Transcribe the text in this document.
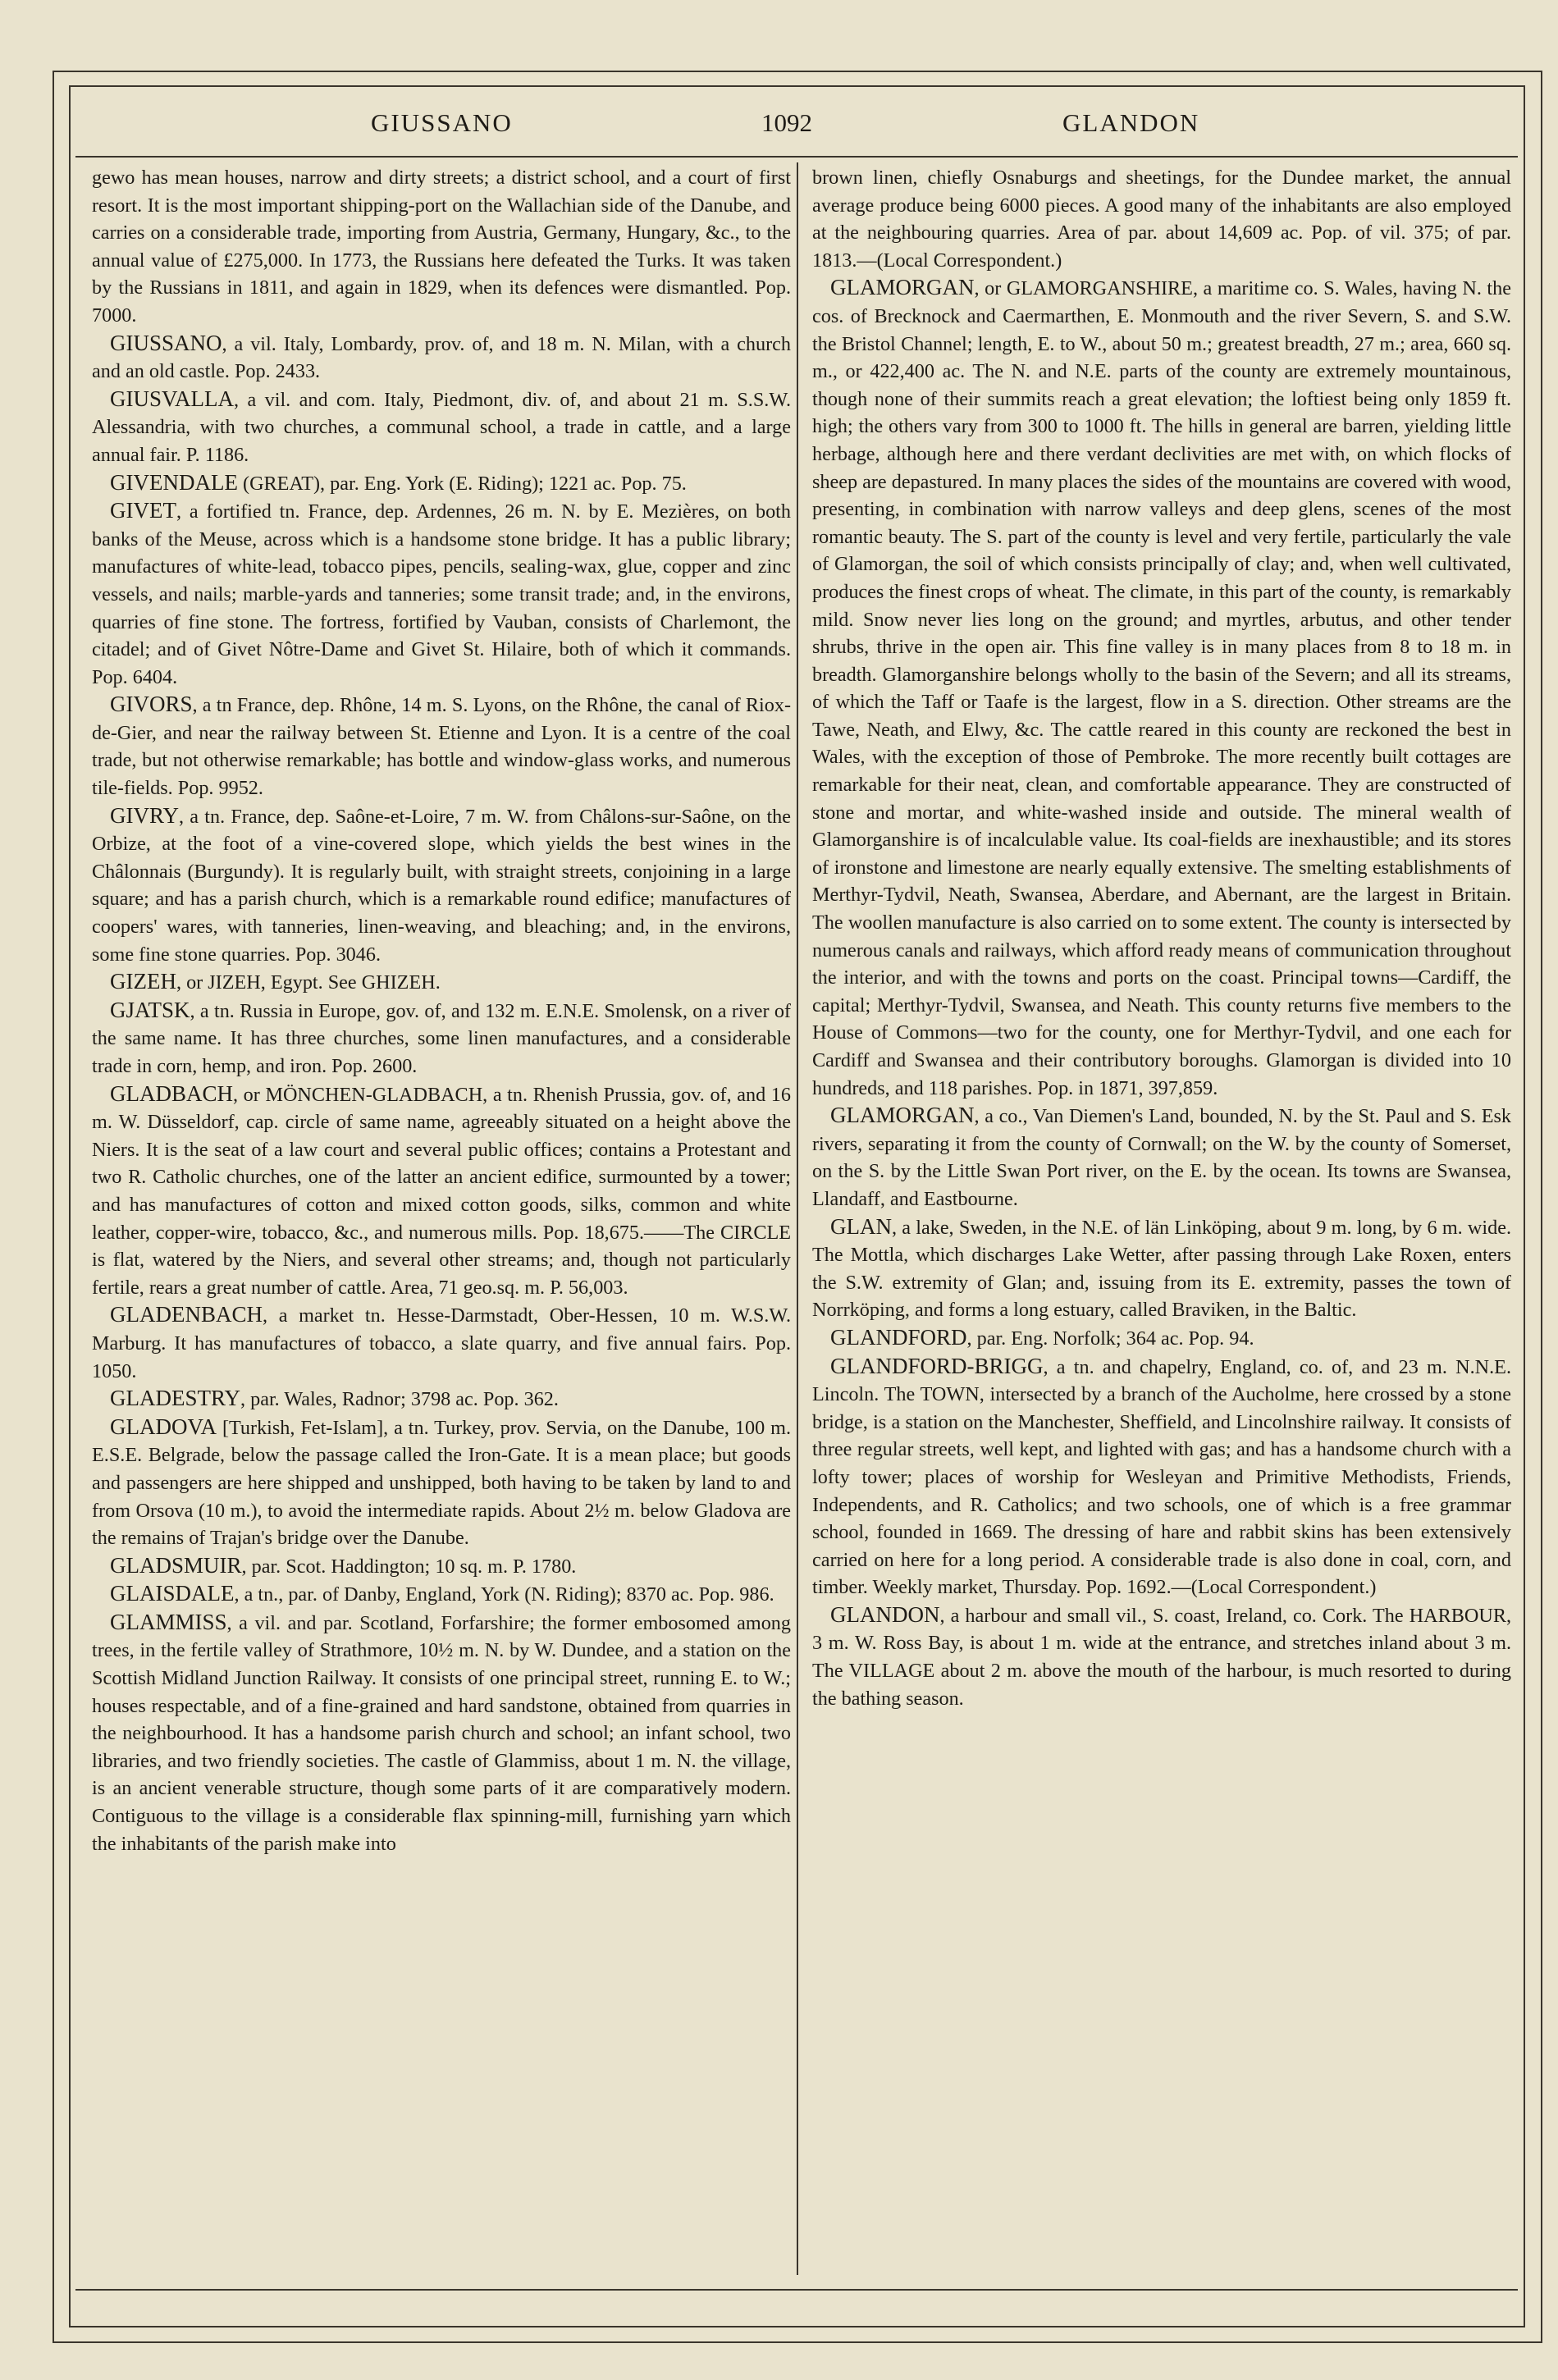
GIUSSANO	1092	GLANDON

gewo has mean houses, narrow and dirty streets; a district school, and a court of first resort. It is the most important shipping-port on the Wallachian side of the Danube, and carries on a considerable trade, importing from Austria, Germany, Hungary, &c., to the annual value of £275,000. In 1773, the Russians here defeated the Turks. It was taken by the Russians in 1811, and again in 1829, when its defences were dismantled. Pop. 7000.

GIUSSANO, a vil. Italy, Lombardy, prov. of, and 18 m. N. Milan, with a church and an old castle. Pop. 2433.

GIUSVALLA, a vil. and com. Italy, Piedmont, div. of, and about 21 m. S.S.W. Alessandria, with two churches, a communal school, a trade in cattle, and a large annual fair. P. 1186.

GIVENDALE (GREAT), par. Eng. York (E. Riding); 1221 ac. Pop. 75.

GIVET, a fortified tn. France, dep. Ardennes, 26 m. N. by E. Mezières, on both banks of the Meuse, across which is a handsome stone bridge. It has a public library; manufactures of white-lead, tobacco pipes, pencils, sealing-wax, glue, copper and zinc vessels, and nails; marble-yards and tanneries; some transit trade; and, in the environs, quarries of fine stone. The fortress, fortified by Vauban, consists of Charlemont, the citadel; and of Givet Nôtre-Dame and Givet St. Hilaire, both of which it commands. Pop. 6404.

GIVORS, a tn France, dep. Rhône, 14 m. S. Lyons, on the Rhône, the canal of Riox-de-Gier, and near the railway between St. Etienne and Lyon. It is a centre of the coal trade, but not otherwise remarkable; has bottle and window-glass works, and numerous tile-fields. Pop. 9952.

GIVRY, a tn. France, dep. Saône-et-Loire, 7 m. W. from Châlons-sur-Saône, on the Orbize, at the foot of a vine-covered slope, which yields the best wines in the Châlonnais (Burgundy). It is regularly built, with straight streets, conjoining in a large square; and has a parish church, which is a remarkable round edifice; manufactures of coopers' wares, with tanneries, linen-weaving, and bleaching; and, in the environs, some fine stone quarries. Pop. 3046.

GIZEH, or JIZEH, Egypt. See GHIZEH.

GJATSK, a tn. Russia in Europe, gov. of, and 132 m. E.N.E. Smolensk, on a river of the same name. It has three churches, some linen manufactures, and a considerable trade in corn, hemp, and iron. Pop. 2600.

GLADBACH, or MÖNCHEN-GLADBACH, a tn. Rhenish Prussia, gov. of, and 16 m. W. Düsseldorf, cap. circle of same name, agreeably situated on a height above the Niers. It is the seat of a law court and several public offices; contains a Protestant and two R. Catholic churches, one of the latter an ancient edifice, surmounted by a tower; and has manufactures of cotton and mixed cotton goods, silks, common and white leather, copper-wire, tobacco, &c., and numerous mills. Pop. 18,675.——The CIRCLE is flat, watered by the Niers, and several other streams; and, though not particularly fertile, rears a great number of cattle. Area, 71 geo.sq. m. P. 56,003.

GLADENBACH, a market tn. Hesse-Darmstadt, Ober-Hessen, 10 m. W.S.W. Marburg. It has manufactures of tobacco, a slate quarry, and five annual fairs. Pop. 1050.

GLADESTRY, par. Wales, Radnor; 3798 ac. Pop. 362.

GLADOVA [Turkish, Fet-Islam], a tn. Turkey, prov. Servia, on the Danube, 100 m. E.S.E. Belgrade, below the passage called the Iron-Gate. It is a mean place; but goods and passengers are here shipped and unshipped, both having to be taken by land to and from Orsova (10 m.), to avoid the intermediate rapids. About 2½ m. below Gladova are the remains of Trajan's bridge over the Danube.

GLADSMUIR, par. Scot. Haddington; 10 sq. m. P. 1780.

GLAISDALE, a tn., par. of Danby, England, York (N. Riding); 8370 ac. Pop. 986.

GLAMMISS, a vil. and par. Scotland, Forfarshire; the former embosomed among trees, in the fertile valley of Strathmore, 10½ m. N. by W. Dundee, and a station on the Scottish Midland Junction Railway. It consists of one principal street, running E. to W.; houses respectable, and of a fine-grained and hard sandstone, obtained from quarries in the neighbourhood. It has a handsome parish church and school; an infant school, two libraries, and two friendly societies. The castle of Glammiss, about 1 m. N. the village, is an ancient venerable structure, though some parts of it are comparatively modern. Contiguous to the village is a considerable flax spinning-mill, furnishing yarn which the inhabitants of the parish make into

brown linen, chiefly Osnaburgs and sheetings, for the Dundee market, the annual average produce being 6000 pieces. A good many of the inhabitants are also employed at the neighbouring quarries. Area of par. about 14,609 ac. Pop. of vil. 375; of par. 1813.—(Local Correspondent.)

GLAMORGAN, or GLAMORGANSHIRE, a maritime co. S. Wales, having N. the cos. of Brecknock and Caermarthen, E. Monmouth and the river Severn, S. and S.W. the Bristol Channel; length, E. to W., about 50 m.; greatest breadth, 27 m.; area, 660 sq. m., or 422,400 ac. The N. and N.E. parts of the county are extremely mountainous, though none of their summits reach a great elevation; the loftiest being only 1859 ft. high; the others vary from 300 to 1000 ft. The hills in general are barren, yielding little herbage, although here and there verdant declivities are met with, on which flocks of sheep are depastured. In many places the sides of the mountains are covered with wood, presenting, in combination with narrow valleys and deep glens, scenes of the most romantic beauty. The S. part of the county is level and very fertile, particularly the vale of Glamorgan, the soil of which consists principally of clay; and, when well cultivated, produces the finest crops of wheat. The climate, in this part of the county, is remarkably mild. Snow never lies long on the ground; and myrtles, arbutus, and other tender shrubs, thrive in the open air. This fine valley is in many places from 8 to 18 m. in breadth. Glamorganshire belongs wholly to the basin of the Severn; and all its streams, of which the Taff or Taafe is the largest, flow in a S. direction. Other streams are the Tawe, Neath, and Elwy, &c. The cattle reared in this county are reckoned the best in Wales, with the exception of those of Pembroke. The more recently built cottages are remarkable for their neat, clean, and comfortable appearance. They are constructed of stone and mortar, and white-washed inside and outside. The mineral wealth of Glamorganshire is of incalculable value. Its coal-fields are inexhaustible; and its stores of ironstone and limestone are nearly equally extensive. The smelting establishments of Merthyr-Tydvil, Neath, Swansea, Aberdare, and Abernant, are the largest in Britain. The woollen manufacture is also carried on to some extent. The county is intersected by numerous canals and railways, which afford ready means of communication throughout the interior, and with the towns and ports on the coast. Principal towns—Cardiff, the capital; Merthyr-Tydvil, Swansea, and Neath. This county returns five members to the House of Commons—two for the county, one for Merthyr-Tydvil, and one each for Cardiff and Swansea and their contributory boroughs. Glamorgan is divided into 10 hundreds, and 118 parishes. Pop. in 1871, 397,859.

GLAMORGAN, a co., Van Diemen's Land, bounded, N. by the St. Paul and S. Esk rivers, separating it from the county of Cornwall; on the W. by the county of Somerset, on the S. by the Little Swan Port river, on the E. by the ocean. Its towns are Swansea, Llandaff, and Eastbourne.

GLAN, a lake, Sweden, in the N.E. of län Linköping, about 9 m. long, by 6 m. wide. The Mottla, which discharges Lake Wetter, after passing through Lake Roxen, enters the S.W. extremity of Glan; and, issuing from its E. extremity, passes the town of Norrköping, and forms a long estuary, called Braviken, in the Baltic.

GLANDFORD, par. Eng. Norfolk; 364 ac. Pop. 94.

GLANDFORD-BRIGG, a tn. and chapelry, England, co. of, and 23 m. N.N.E. Lincoln. The TOWN, intersected by a branch of the Aucholme, here crossed by a stone bridge, is a station on the Manchester, Sheffield, and Lincolnshire railway. It consists of three regular streets, well kept, and lighted with gas; and has a handsome church with a lofty tower; places of worship for Wesleyan and Primitive Methodists, Friends, Independents, and R. Catholics; and two schools, one of which is a free grammar school, founded in 1669. The dressing of hare and rabbit skins has been extensively carried on here for a long period. A considerable trade is also done in coal, corn, and timber. Weekly market, Thursday. Pop. 1692.—(Local Correspondent.)

GLANDON, a harbour and small vil., S. coast, Ireland, co. Cork. The HARBOUR, 3 m. W. Ross Bay, is about 1 m. wide at the entrance, and stretches inland about 3 m. The VILLAGE about 2 m. above the mouth of the harbour, is much resorted to during the bathing season.
